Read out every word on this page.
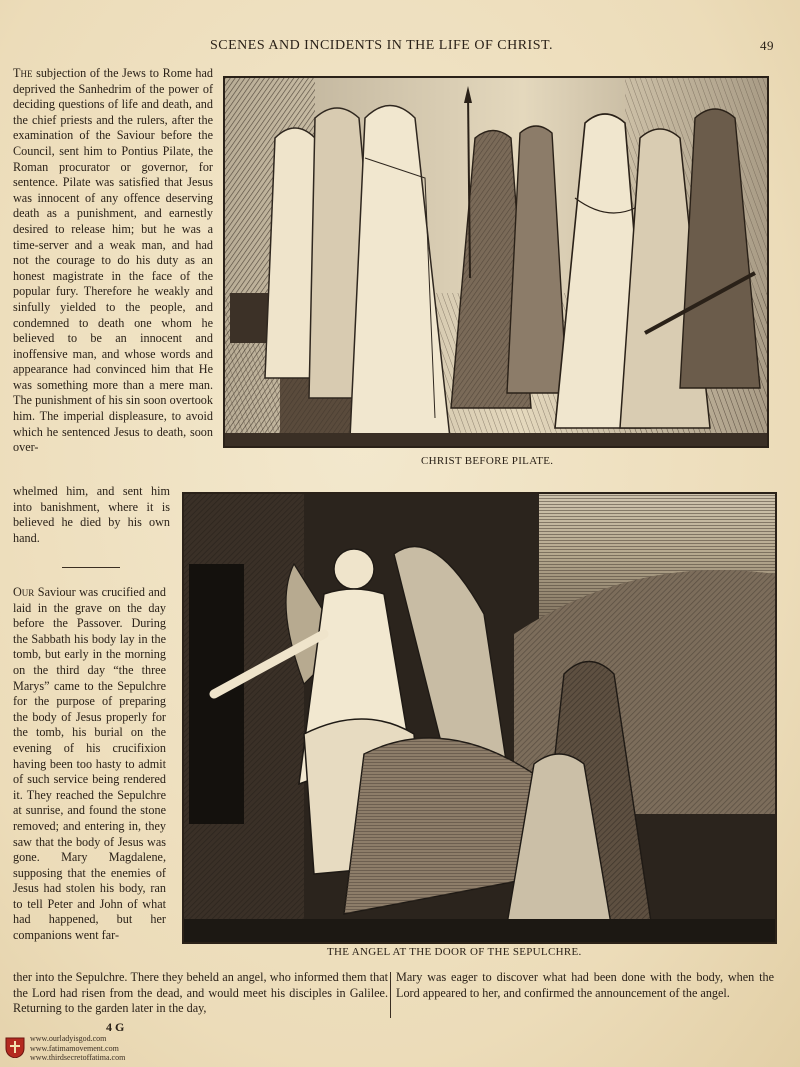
SCENES AND INCIDENTS IN THE LIFE OF CHRIST.	49
The subjection of the Jews to Rome had deprived the Sanhedrim of the power of deciding questions of life and death, and the chief priests and the rulers, after the examination of the Saviour before the Council, sent him to Pontius Pilate, the Roman procurator or governor, for sentence. Pilate was satisfied that Jesus was innocent of any offence deserving death as a punishment, and earnestly desired to release him; but he was a time-server and a weak man, and had not the courage to do his duty as an honest magistrate in the face of the popular fury. Therefore he weakly and sinfully yielded to the people, and condemned to death one whom he believed to be an innocent and inoffensive man, and whose words and appearance had convinced him that He was something more than a mere man. The punishment of his sin soon overtook him. The imperial displeasure, to avoid which he sentenced Jesus to death, soon over-
whelmed him, and sent him into banishment, where it is believed he died by his own hand.
Our Saviour was crucified and laid in the grave on the day before the Passover. During the Sabbath his body lay in the tomb, but early in the morning on the third day “the three Marys” came to the Sepulchre for the purpose of preparing the body of Jesus properly for the tomb, his burial on the evening of his crucifixion having been too hasty to admit of such service being rendered it. They reached the Sepulchre at sunrise, and found the stone removed; and entering in, they saw that the body of Jesus was gone. Mary Magdalene, supposing that the enemies of Jesus had stolen his body, ran to tell Peter and John of what had happened, but her companions went far-
CHRIST BEFORE PILATE.
THE ANGEL AT THE DOOR OF THE SEPULCHRE.
ther into the Sepulchre. There they beheld an angel, who informed them that the Lord had risen from the dead, and would meet his disciples in Galilee. Returning to the garden later in the day,
Mary was eager to discover what had been done with the body, when the Lord appeared to her, and confirmed the announcement of the angel.
4 G
www.ourladyisgod.com
www.fatimamovement.com
www.thirdsecretoffatima.com
